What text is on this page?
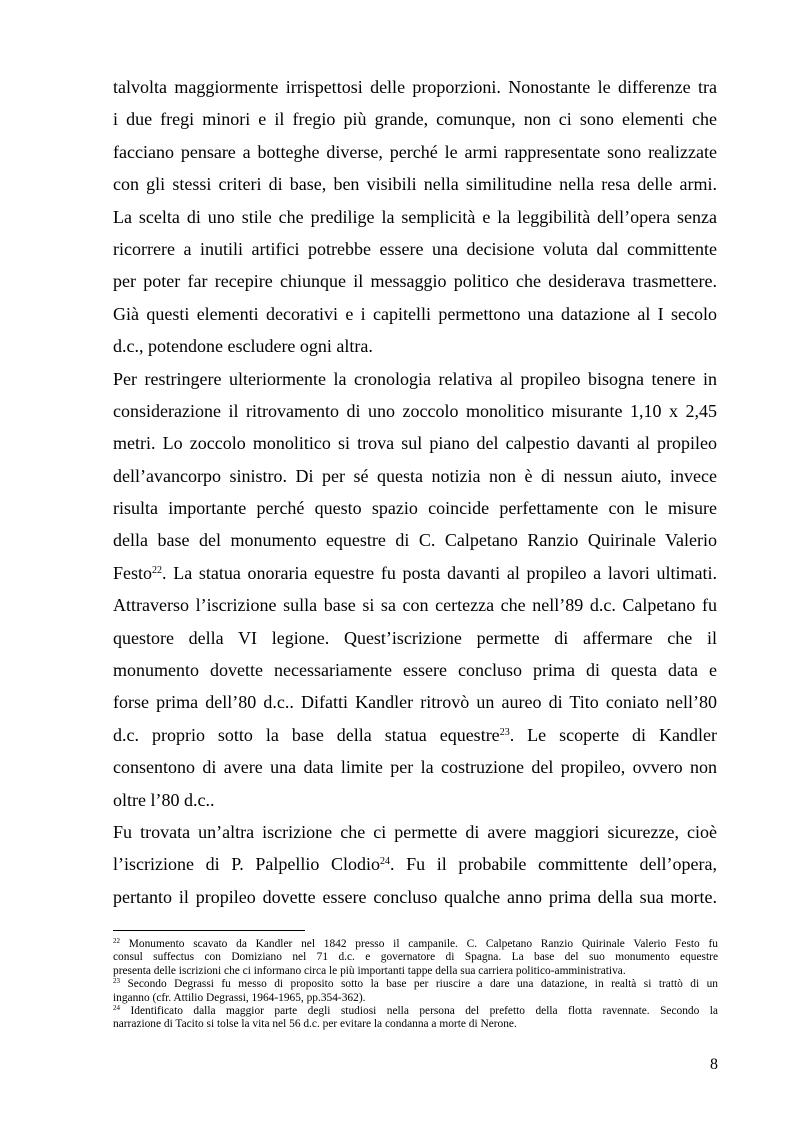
talvolta maggiormente irrispettosi delle proporzioni. Nonostante le differenze tra
i due fregi minori e il fregio più grande, comunque, non ci sono elementi che
facciano pensare a botteghe diverse, perché le armi rappresentate sono realizzate
con gli stessi criteri di base, ben visibili nella similitudine nella resa delle armi.
La scelta di uno stile che predilige la semplicità e la leggibilità dell’opera senza
ricorrere a inutili artifici potrebbe essere una decisione voluta dal committente
per poter far recepire chiunque il messaggio politico che desiderava trasmettere.

Già questi elementi decorativi e i capitelli permettono una datazione al I secolo
d.c., potendone escludere ogni altra.

Per restringere ulteriormente la cronologia relativa al propileo bisogna tenere in
considerazione il ritrovamento di uno zoccolo monolitico misurante 1,10 x 2,45
metri. Lo zoccolo monolitico si trova sul piano del calpestio davanti al propileo
dell’avancorpo sinistro. Di per sé questa notizia non è di nessun aiuto, invece
risulta importante perché questo spazio coincide perfettamente con le misure
della base del monumento equestre di C. Calpetano Ranzio Quirinale Valerio
Festo$^{22}$. La statua onoraria equestre fu posta davanti al propileo a lavori ultimati.
Attraverso l’iscrizione sulla base si sa con certezza che nell’89 d.c. Calpetano fu
questore della VI legione. Quest’iscrizione permette di affermare che il
monumento dovette necessariamente essere concluso prima di questa data e
forse prima dell’80 d.c.. Difatti Kandler ritrovò un aureo di Tito coniato nell’80
d.c. proprio sotto la base della statua equestre$^{23}$. Le scoperte di Kandler
consentono di avere una data limite per la costruzione del propileo, ovvero non
oltre l’80 d.c..

Fu trovata un’altra iscrizione che ci permette di avere maggiori sicurezze, cioè
l’iscrizione di P. Palpellio Clodio$^{24}$. Fu il probabile committente dell’opera,
pertanto il propileo dovette essere concluso qualche anno prima della sua morte.

$^{22}$ Monumento scavato da Kandler nel 1842 presso il campanile. C. Calpetano Ranzio Quirinale Valerio Festo fu
consul suffectus con Domiziano nel 71 d.c. e governatore di Spagna. La base del suo monumento equestre
presenta delle iscrizioni che ci informano circa le più importanti tappe della sua carriera politico-amministrativa.

$^{23}$ Secondo Degrassi fu messo di proposito sotto la base per riuscire a dare una datazione, in realtà si trattò di un
inganno (cfr. Attilio Degrassi, 1964-1965, pp.354-362).

$^{24}$ Identificato dalla maggior parte degli studiosi nella persona del prefetto della flotta ravennate. Secondo la
narrazione di Tacito si tolse la vita nel 56 d.c. per evitare la condanna a morte di Nerone.

8
